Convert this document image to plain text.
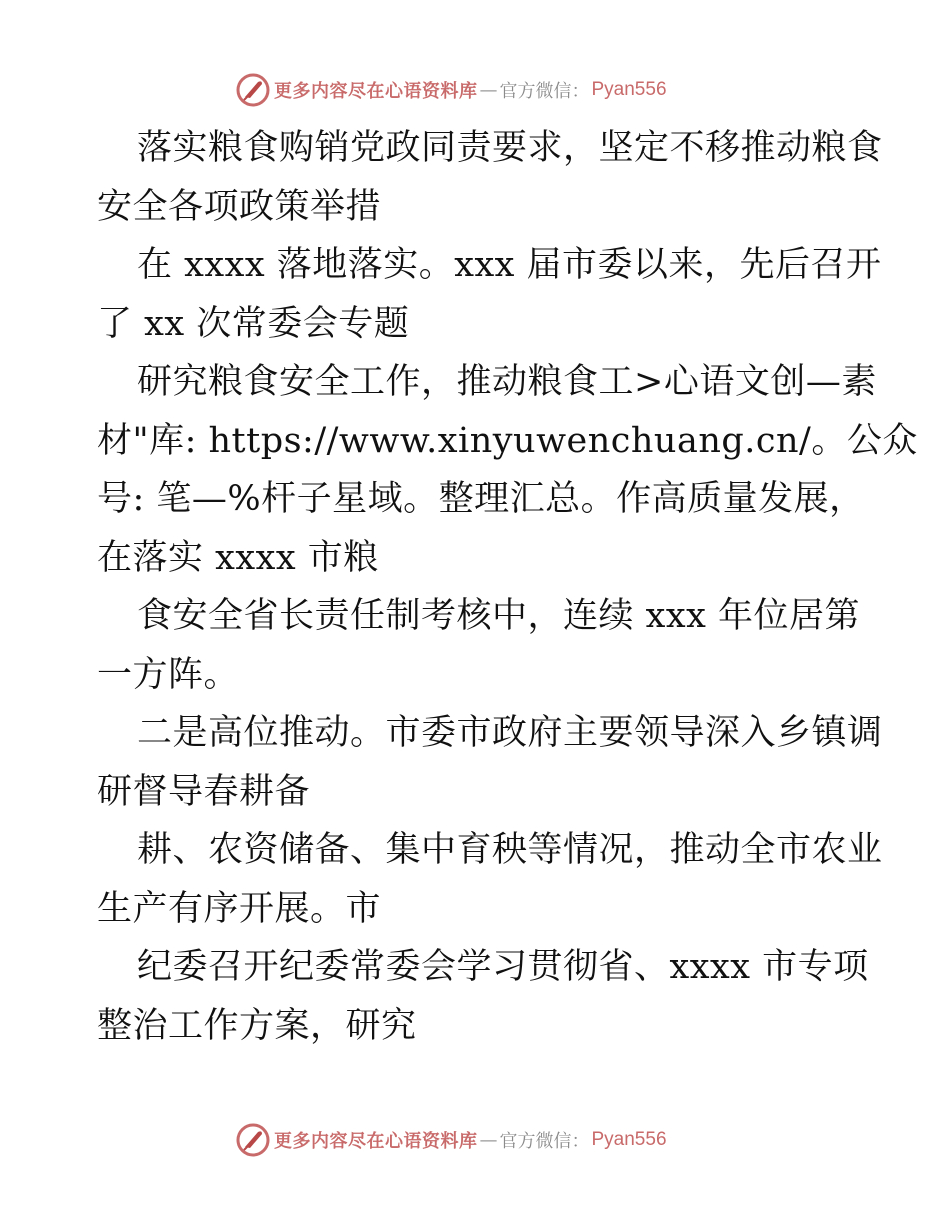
更多内容尽在心语资料库 — 官方微信： Pyan556
落实粮食购销党政同责要求，坚定不移推动粮食
安全各项政策举措
在 xxxx 落地落实。xxx 届市委以来，先后召开
了 xx 次常委会专题
研究粮食安全工作，推动粮食工>心语文创—素
材"库: https://www.xinyuwenchuang.cn/。公众
号: 笔—%杆子星域。整理汇总。作高质量发展，
在落实 xxxx 市粮
食安全省长责任制考核中，连续 xxx 年位居第
一方阵。
二是高位推动。市委市政府主要领导深入乡镇调
研督导春耕备
耕、农资储备、集中育秧等情况，推动全市农业
生产有序开展。市
纪委召开纪委常委会学习贯彻省、xxxx 市专项
整治工作方案，研究
更多内容尽在心语资料库 — 官方微信： Pyan556
